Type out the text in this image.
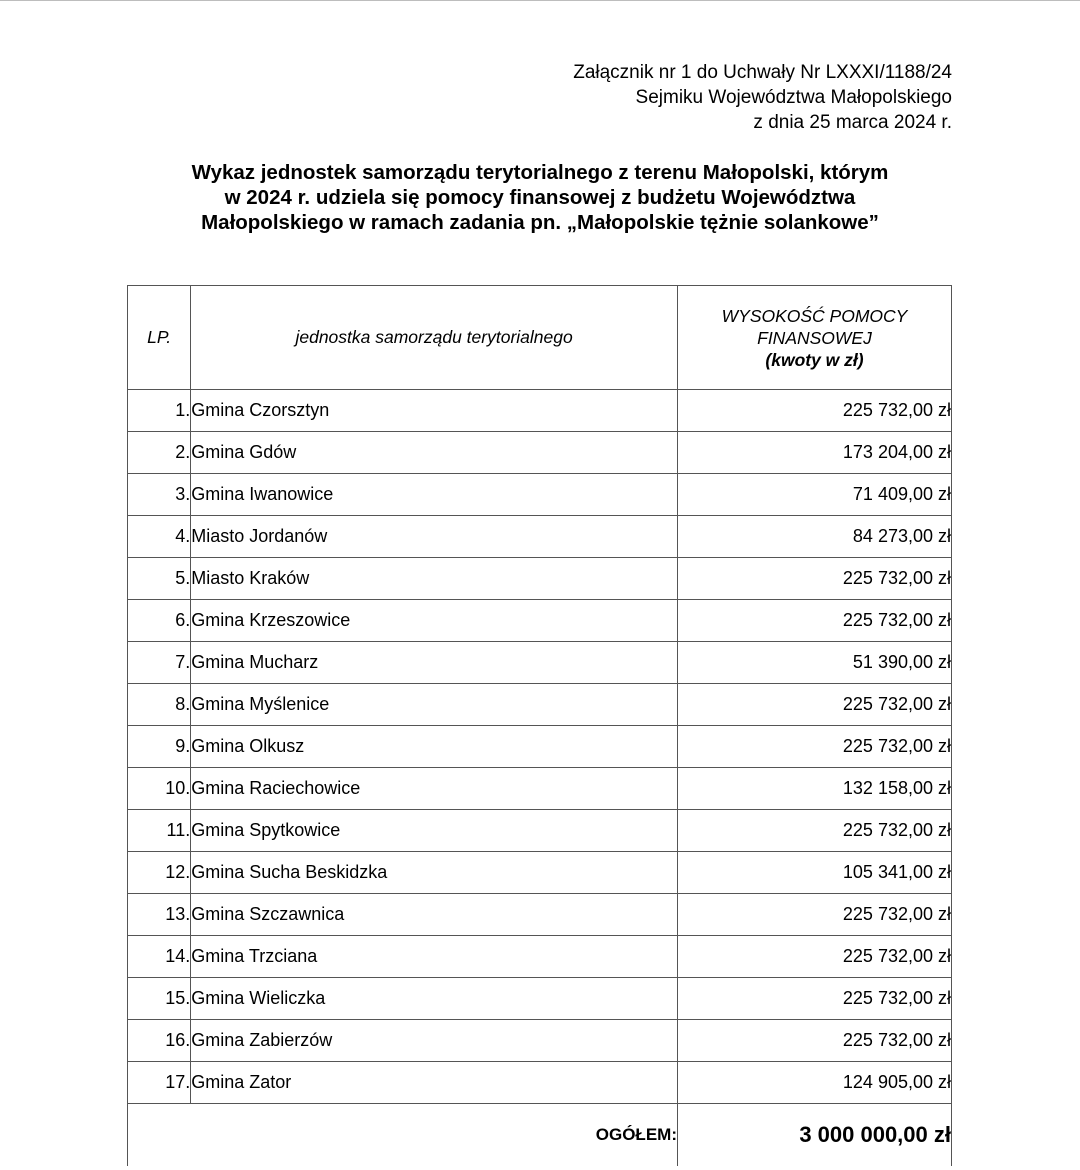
Załącznik nr 1 do Uchwały Nr LXXXI/1188/24
Sejmiku Województwa Małopolskiego
z dnia 25 marca 2024 r.
Wykaz jednostek samorządu terytorialnego z terenu Małopolski, którym
w 2024 r. udziela się pomocy finansowej z budżetu Województwa
Małopolskiego w ramach zadania pn. „Małopolskie tężnie solankowe”
LP.	jednostka samorządu terytorialnego	WYSOKOŚĆ POMOCY
FINANSOWEJ
(kwoty w zł)

1.	Gmina Czorsztyn	225 732,00 zł
2.	Gmina Gdów	173 204,00 zł
3.	Gmina Iwanowice	71 409,00 zł
4.	Miasto Jordanów	84 273,00 zł
5.	Miasto Kraków	225 732,00 zł
6.	Gmina Krzeszowice	225 732,00 zł
7.	Gmina Mucharz	51 390,00 zł
8.	Gmina Myślenice	225 732,00 zł
9.	Gmina Olkusz	225 732,00 zł
10.	Gmina Raciechowice	132 158,00 zł
11.	Gmina Spytkowice	225 732,00 zł
12.	Gmina Sucha Beskidzka	105 341,00 zł
13.	Gmina Szczawnica	225 732,00 zł
14.	Gmina Trzciana	225 732,00 zł
15.	Gmina Wieliczka	225 732,00 zł
16.	Gmina Zabierzów	225 732,00 zł
17.	Gmina Zator	124 905,00 zł
OGÓŁEM:		3 000 000,00 zł
